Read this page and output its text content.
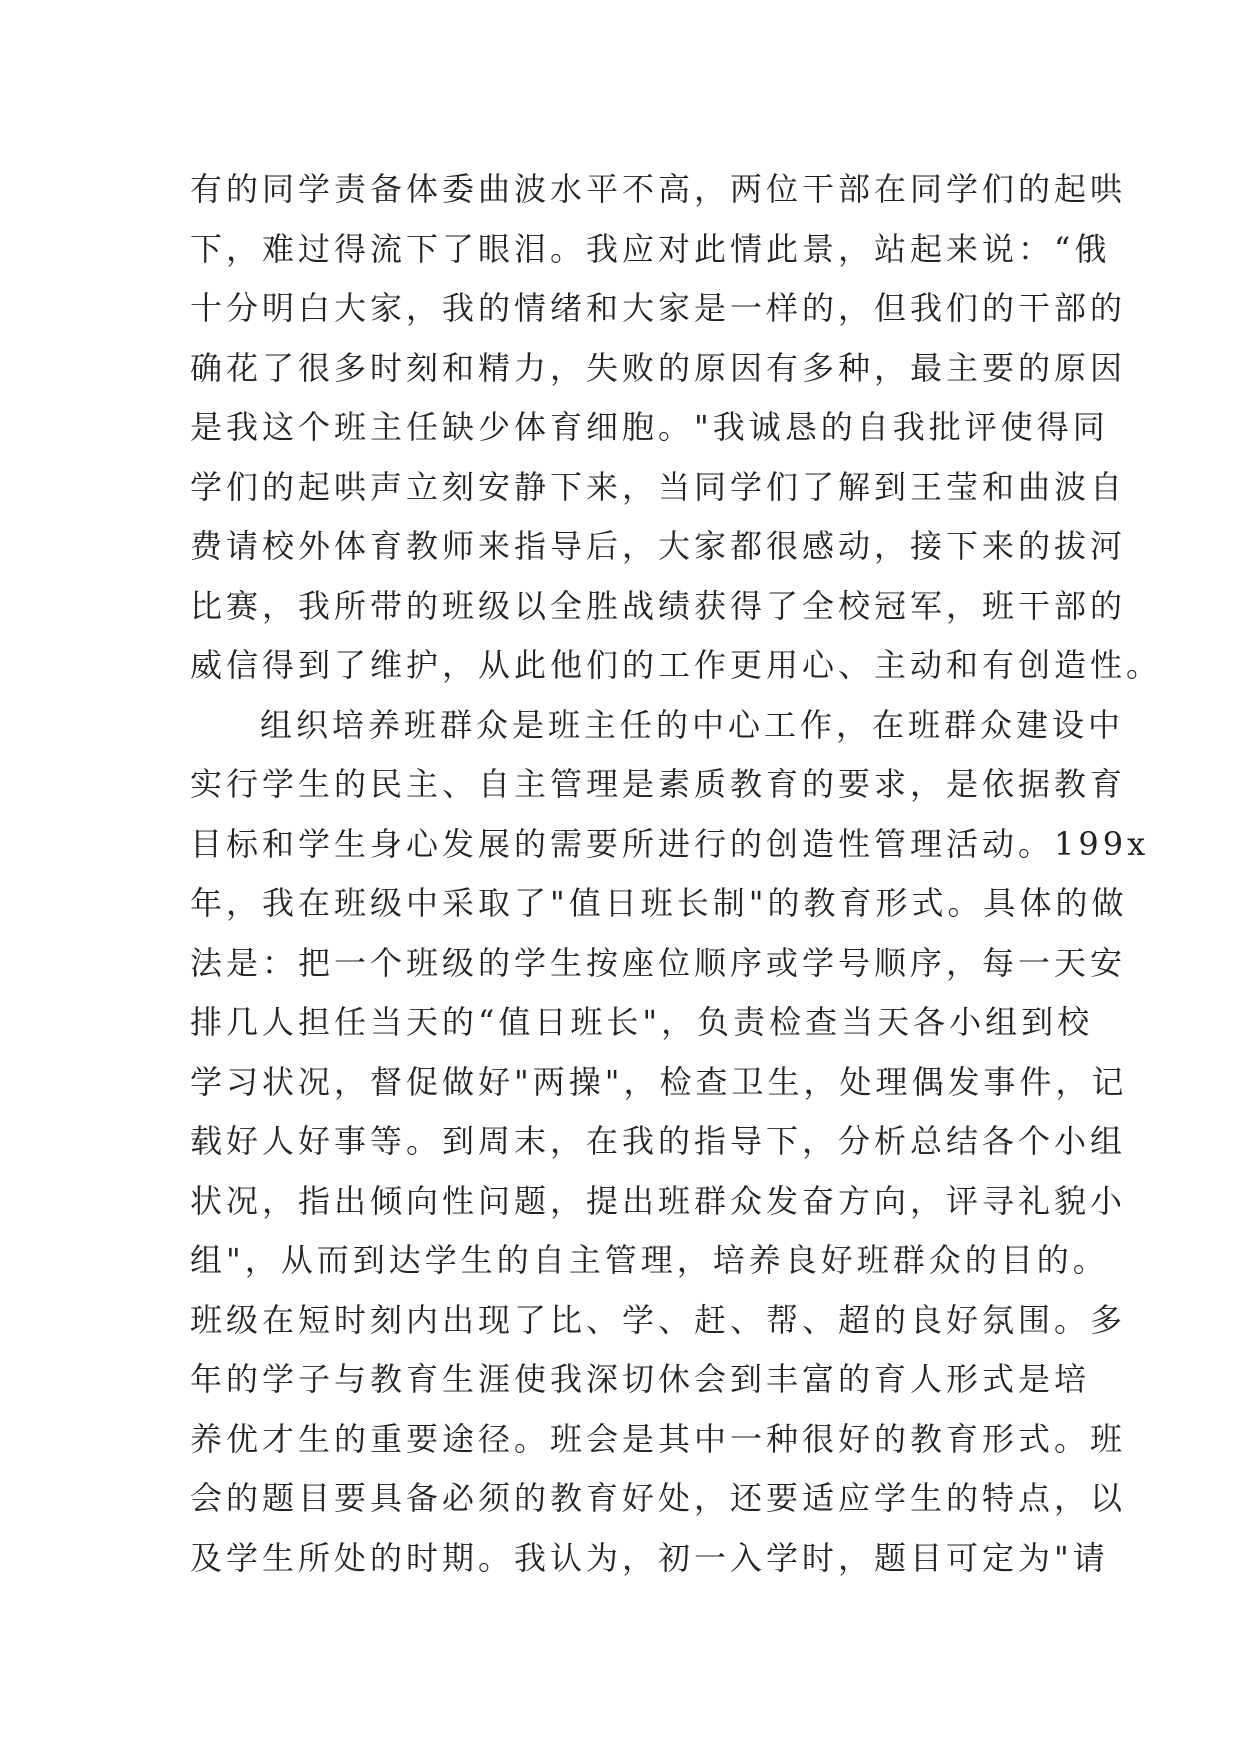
有的同学责备体委曲波水平不高，两位干部在同学们的起哄
下，难过得流下了眼泪。我应对此情此景，站起来说：“俄
十分明白大家，我的情绪和大家是一样的，但我们的干部的
确花了很多时刻和精力，失败的原因有多种，最主要的原因
是我这个班主任缺少体育细胞。"我诚恳的自我批评使得同
学们的起哄声立刻安静下来，当同学们了解到王莹和曲波自
费请校外体育教师来指导后，大家都很感动，接下来的拔河
比赛，我所带的班级以全胜战绩获得了全校冠军，班干部的
威信得到了维护，从此他们的工作更用心、主动和有创造性。
组织培养班群众是班主任的中心工作，在班群众建设中
实行学生的民主、自主管理是素质教育的要求，是依据教育
目标和学生身心发展的需要所进行的创造性管理活动。199x
年，我在班级中采取了"值日班长制"的教育形式。具体的做
法是：把一个班级的学生按座位顺序或学号顺序，每一天安
排几人担任当天的“值日班长"，负责检查当天各小组到校
学习状况，督促做好"两操"，检查卫生，处理偶发事件，记
载好人好事等。到周末，在我的指导下，分析总结各个小组
状况，指出倾向性问题，提出班群众发奋方向，评寻礼貌小
组"，从而到达学生的自主管理，培养良好班群众的目的。
班级在短时刻内出现了比、学、赶、帮、超的良好氛围。多
年的学子与教育生涯使我深切休会到丰富的育人形式是培
养优才生的重要途径。班会是其中一种很好的教育形式。班
会的题目要具备必须的教育好处，还要适应学生的特点，以
及学生所处的时期。我认为，初一入学时，题目可定为"请
